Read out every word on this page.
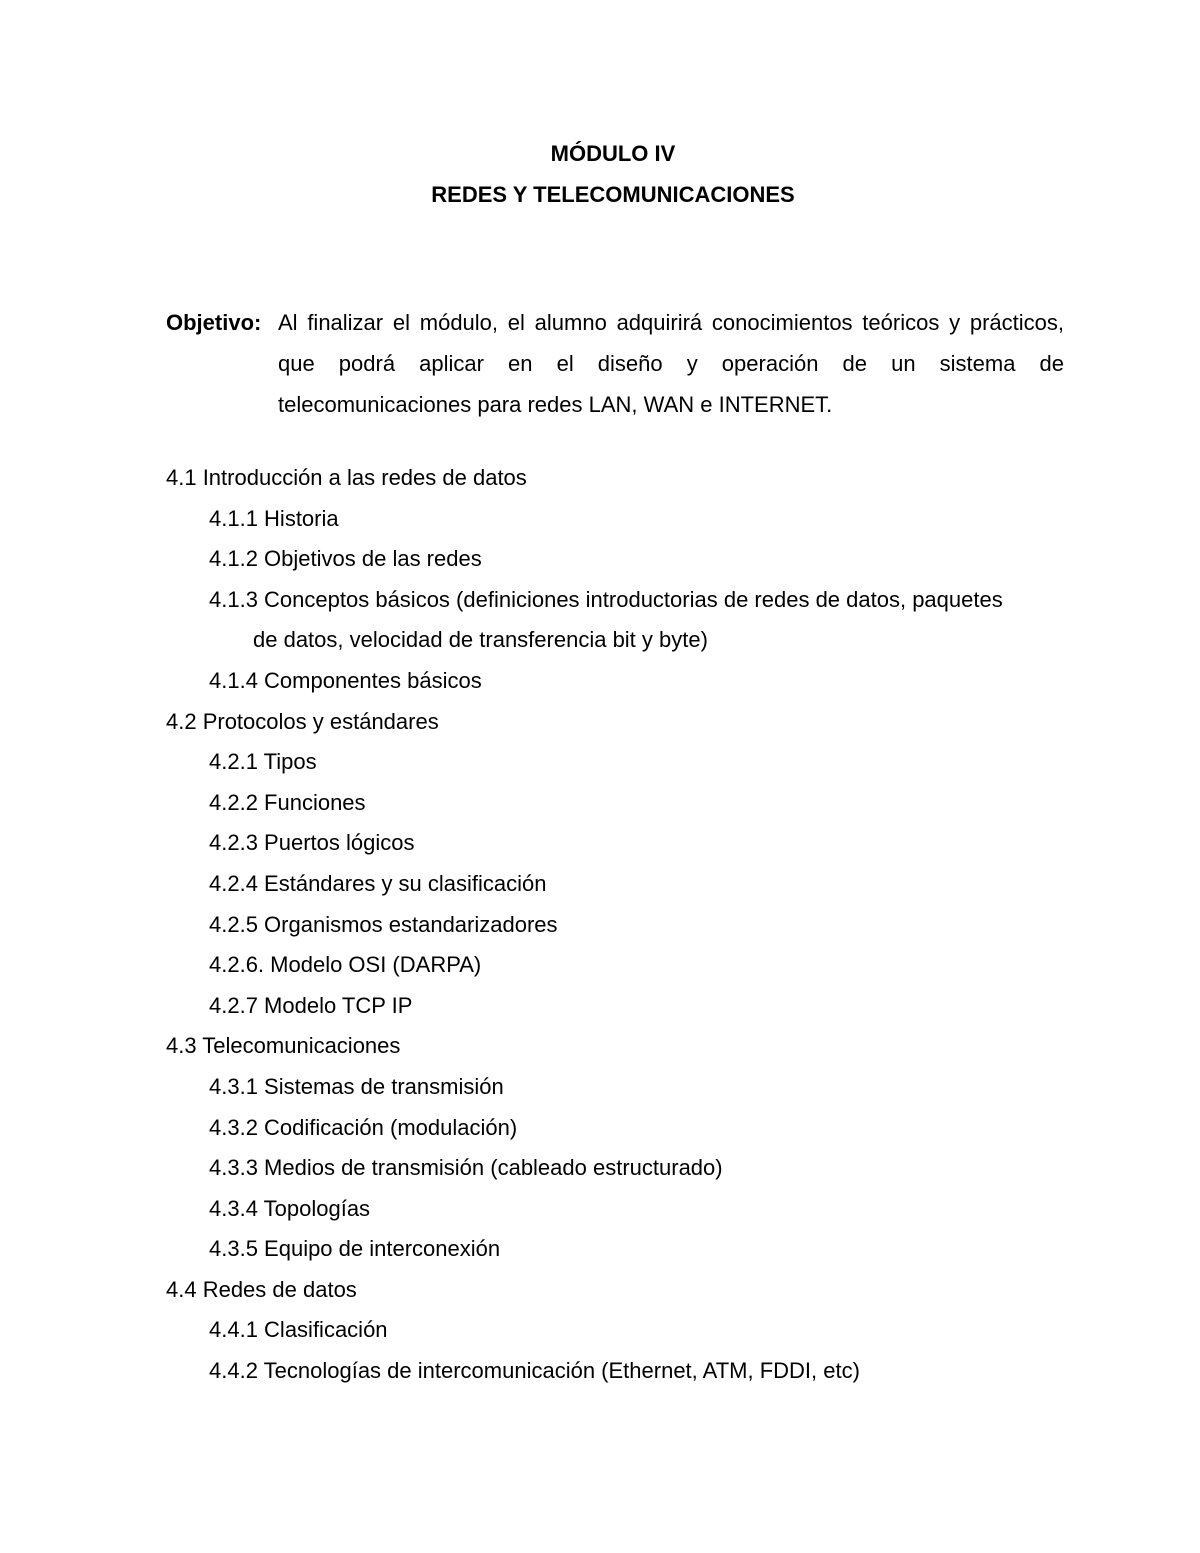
MÓDULO IV
REDES Y TELECOMUNICACIONES
Objetivo: Al finalizar el módulo, el alumno adquirirá conocimientos teóricos y prácticos, que podrá aplicar en el diseño y operación de un sistema de telecomunicaciones para redes LAN, WAN e INTERNET.
4.1 Introducción a las redes de datos
4.1.1 Historia
4.1.2 Objetivos de las redes
4.1.3 Conceptos básicos (definiciones introductorias de redes de datos, paquetes
de datos, velocidad de transferencia bit y byte)
4.1.4 Componentes básicos
4.2 Protocolos y estándares
4.2.1 Tipos
4.2.2 Funciones
4.2.3 Puertos lógicos
4.2.4 Estándares y su clasificación
4.2.5 Organismos estandarizadores
4.2.6. Modelo OSI (DARPA)
4.2.7 Modelo TCP IP
4.3 Telecomunicaciones
4.3.1 Sistemas de transmisión
4.3.2 Codificación (modulación)
4.3.3 Medios de transmisión (cableado estructurado)
4.3.4 Topologías
4.3.5 Equipo de interconexión
4.4 Redes de datos
4.4.1 Clasificación
4.4.2 Tecnologías de intercomunicación (Ethernet, ATM, FDDI, etc)
